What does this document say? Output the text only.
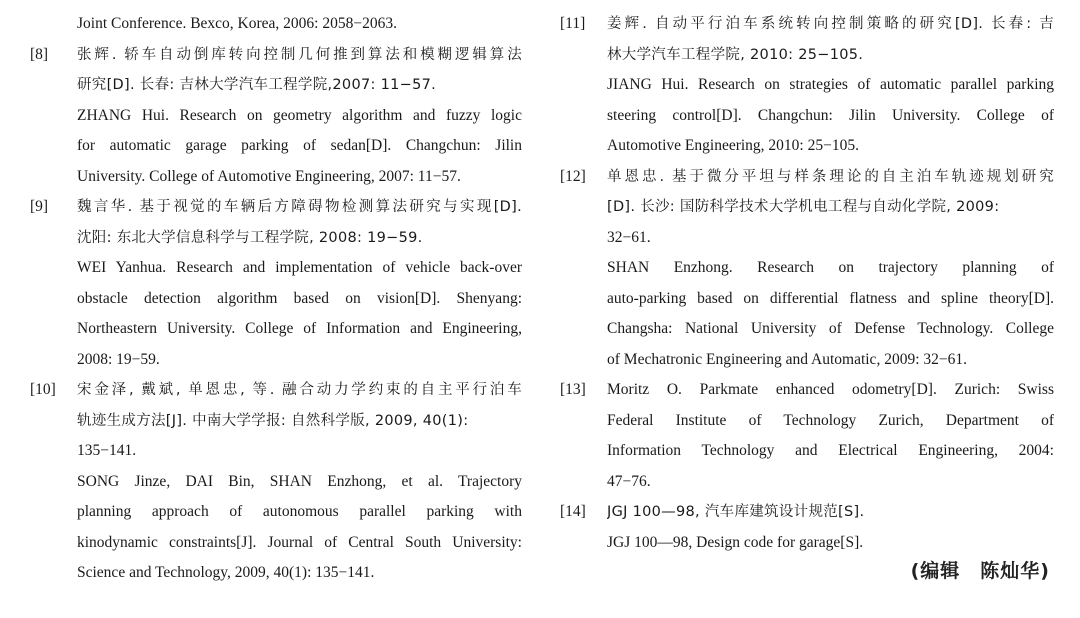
Joint Conference. Bexco, Korea, 2006: 2058−2063.
[8]	张辉. 轿车自动倒库转向控制几何推到算法和模糊逻辑算法
研究[D]. 长春: 吉林大学汽车工程学院,2007: 11−57.
ZHANG Hui. Research on geometry algorithm and fuzzy logic
for automatic garage parking of sedan[D]. Changchun: Jilin
University. College of Automotive Engineering, 2007: 11−57.
[9]	魏言华. 基于视觉的车辆后方障碍物检测算法研究与实现[D].
沈阳: 东北大学信息科学与工程学院, 2008: 19−59.
WEI Yanhua. Research and implementation of vehicle back-over
obstacle detection algorithm based on vision[D]. Shenyang:
Northeastern University. College of Information and Engineering,
2008: 19−59.
[10]	宋金泽, 戴斌, 单恩忠, 等. 融合动力学约束的自主平行泊车
轨迹生成方法[J]. 中南大学学报: 自然科学版, 2009, 40(1):
135−141.
SONG Jinze, DAI Bin, SHAN Enzhong, et al. Trajectory
planning approach of autonomous parallel parking with
kinodynamic constraints[J]. Journal of Central South University:
Science and Technology, 2009, 40(1): 135−141.
[11]	姜辉. 自动平行泊车系统转向控制策略的研究[D]. 长春: 吉
林大学汽车工程学院, 2010: 25−105.
JIANG Hui. Research on strategies of automatic parallel parking
steering control[D]. Changchun: Jilin University. College of
Automotive Engineering, 2010: 25−105.
[12]	单恩忠. 基于微分平坦与样条理论的自主泊车轨迹规划研究
[D]. 长沙: 国防科学技术大学机电工程与自动化学院, 2009:
32−61.
SHAN Enzhong. Research on trajectory planning of
auto-parking based on differential flatness and spline theory[D].
Changsha: National University of Defense Technology. College
of Mechatronic Engineering and Automatic, 2009: 32−61.
[13]	Moritz O. Parkmate enhanced odometry[D]. Zurich: Swiss
Federal Institute of Technology Zurich, Department of
Information Technology and Electrical Engineering, 2004:
47−76.
[14]	JGJ 100—98, 汽车库建筑设计规范[S].
JGJ 100—98, Design code for garage[S].
(编辑　陈灿华)
